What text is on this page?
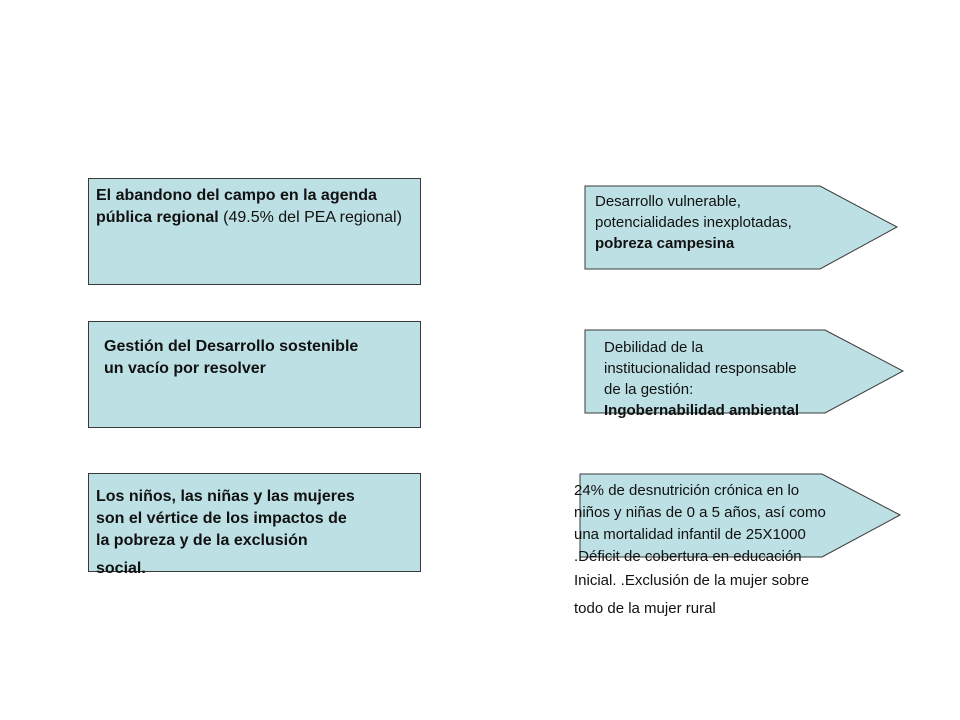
El abandono del campo en la agenda pública regional (49.5% del PEA regional)
Gestión del Desarrollo sostenible
un vacío por resolver
Los niños, las niñas y las mujeres
son el vértice de los impactos de
la pobreza y de la exclusión
social.
Desarrollo vulnerable,
potencialidades inexplotadas,
pobreza campesina
Debilidad de la
institucionalidad responsable
de la gestión:
Ingobernabilidad ambiental
24% de desnutrición crónica en lo
niños y niñas de 0 a 5 años, así como
una mortalidad infantil de 25X1000
.Déficit de cobertura en educación
Inicial. .Exclusión de la mujer sobre
todo de la mujer rural
